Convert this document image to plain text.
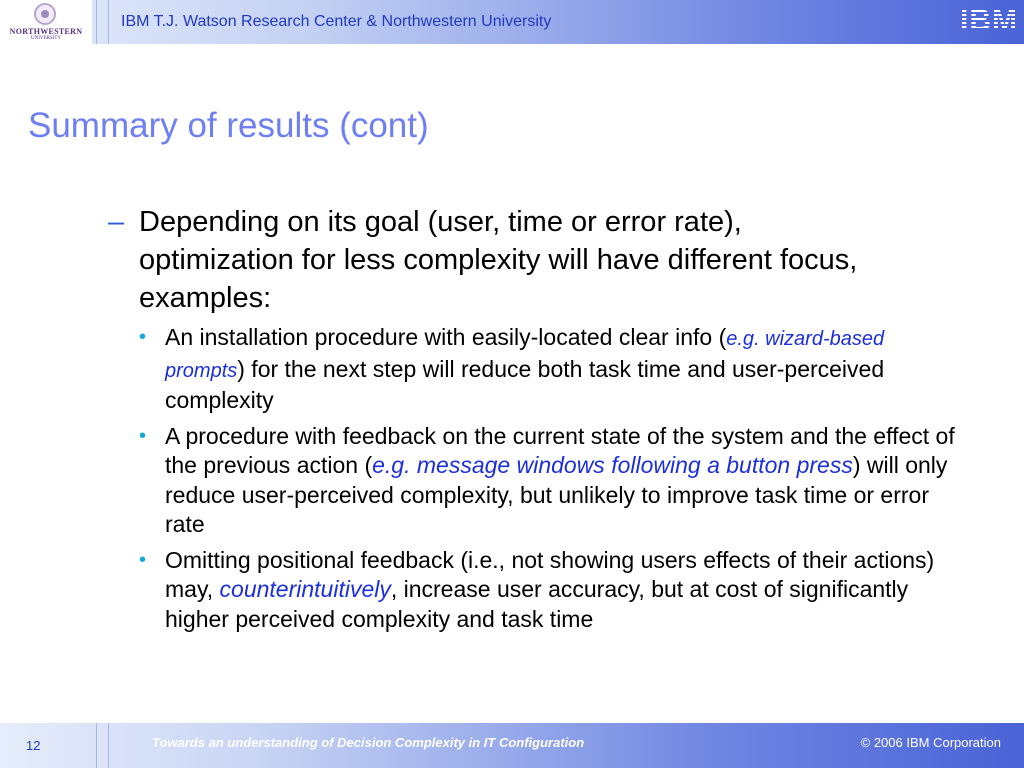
NORTHWESTERN
UNIVERSITY
IBM T.J. Watson Research Center & Northwestern University	IBM
Summary of results (cont)
– Depending on its goal (user, time or error rate), optimization for less complexity will have different focus, examples:
• An installation procedure with easily-located clear info (e.g. wizard-based prompts) for the next step will reduce both task time and user-perceived complexity
• A procedure with feedback on the current state of the system and the effect of the previous action (e.g. message windows following a button press) will only reduce user-perceived complexity, but unlikely to improve task time or error rate
• Omitting positional feedback (i.e., not showing users effects of their actions) may, counterintuitively, increase user accuracy, but at cost of significantly higher perceived complexity and task time
12	Towards an understanding of Decision Complexity in IT Configuration	© 2006 IBM Corporation
